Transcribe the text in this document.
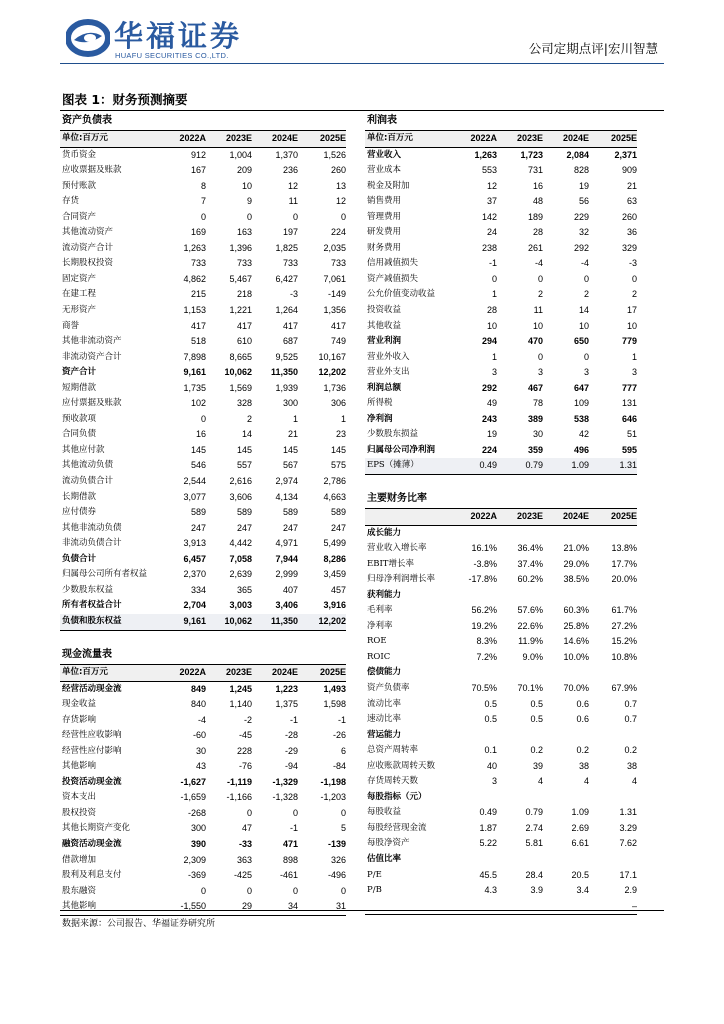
华福证券
HUAFU SECURITIES CO.,LTD.	公司定期点评|宏川智慧
图表 1：财务预测摘要
资产负债表
单位:百万元	2022A	2023E	2024E	2025E
货币资金	912	1,004	1,370	1,526
应收票据及账款	167	209	236	260
预付账款	8	10	12	13
存货	7	9	11	12
合同资产	0	0	0	0
其他流动资产	169	163	197	224
流动资产合计	1,263	1,396	1,825	2,035
长期股权投资	733	733	733	733
固定资产	4,862	5,467	6,427	7,061
在建工程	215	218	-3	-149
无形资产	1,153	1,221	1,264	1,356
商誉	417	417	417	417
其他非流动资产	518	610	687	749
非流动资产合计	7,898	8,665	9,525	10,167
资产合计	9,161	10,062	11,350	12,202
短期借款	1,735	1,569	1,939	1,736
应付票据及账款	102	328	300	306
预收款项	0	2	1	1
合同负债	16	14	21	23
其他应付款	145	145	145	145
其他流动负债	546	557	567	575
流动负债合计	2,544	2,616	2,974	2,786
长期借款	3,077	3,606	4,134	4,663
应付债券	589	589	589	589
其他非流动负债	247	247	247	247
非流动负债合计	3,913	4,442	4,971	5,499
负债合计	6,457	7,058	7,944	8,286
归属母公司所有者权益	2,370	2,639	2,999	3,459
少数股东权益	334	365	407	457
所有者权益合计	2,704	3,003	3,406	3,916
负债和股东权益	9,161	10,062	11,350	12,202
现金流量表
单位:百万元	2022A	2023E	2024E	2025E
经营活动现金流	849	1,245	1,223	1,493
现金收益	840	1,140	1,375	1,598
存货影响	-4	-2	-1	-1
经营性应收影响	-60	-45	-28	-26
经营性应付影响	30	228	-29	6
其他影响	43	-76	-94	-84
投资活动现金流	-1,627	-1,119	-1,329	-1,198
资本支出	-1,659	-1,166	-1,328	-1,203
股权投资	-268	0	0	0
其他长期资产变化	300	47	-1	5
融资活动现金流	390	-33	471	-139
借款增加	2,309	363	898	326
股利及利息支付	-369	-425	-461	-496
股东融资	0	0	0	0
其他影响	-1,550	29	34	31
利润表
单位:百万元	2022A	2023E	2024E	2025E
营业收入	1,263	1,723	2,084	2,371
营业成本	553	731	828	909
税金及附加	12	16	19	21
销售费用	37	48	56	63
管理费用	142	189	229	260
研发费用	24	28	32	36
财务费用	238	261	292	329
信用减值损失	-1	-4	-4	-3
资产减值损失	0	0	0	0
公允价值变动收益	1	2	2	2
投资收益	28	11	14	17
其他收益	10	10	10	10
营业利润	294	470	650	779
营业外收入	1	0	0	1
营业外支出	3	3	3	3
利润总额	292	467	647	777
所得税	49	78	109	131
净利润	243	389	538	646
少数股东损益	19	30	42	51
归属母公司净利润	224	359	496	595
EPS（摊薄）	0.49	0.79	1.09	1.31
主要财务比率
2022A	2023E	2024E	2025E
成长能力
营业收入增长率	16.1%	36.4%	21.0%	13.8%
EBIT增长率	-3.8%	37.4%	29.0%	17.7%
归母净利润增长率	-17.8%	60.2%	38.5%	20.0%
获利能力
毛利率	56.2%	57.6%	60.3%	61.7%
净利率	19.2%	22.6%	25.8%	27.2%
ROE	8.3%	11.9%	14.6%	15.2%
ROIC	7.2%	9.0%	10.0%	10.8%
偿债能力
资产负债率	70.5%	70.1%	70.0%	67.9%
流动比率	0.5	0.5	0.6	0.7
速动比率	0.5	0.5	0.6	0.7
营运能力
总资产周转率	0.1	0.2	0.2	0.2
应收账款周转天数	40	39	38	38
存货周转天数	3	4	4	4
每股指标（元）
每股收益	0.49	0.79	1.09	1.31
每股经营现金流	1.87	2.74	2.69	3.29
每股净资产	5.22	5.81	6.61	7.62
估值比率
P/E	45.5	28.4	20.5	17.1
P/B	4.3	3.9	3.4	2.9
–
数据来源：公司报告、华福证券研究所
